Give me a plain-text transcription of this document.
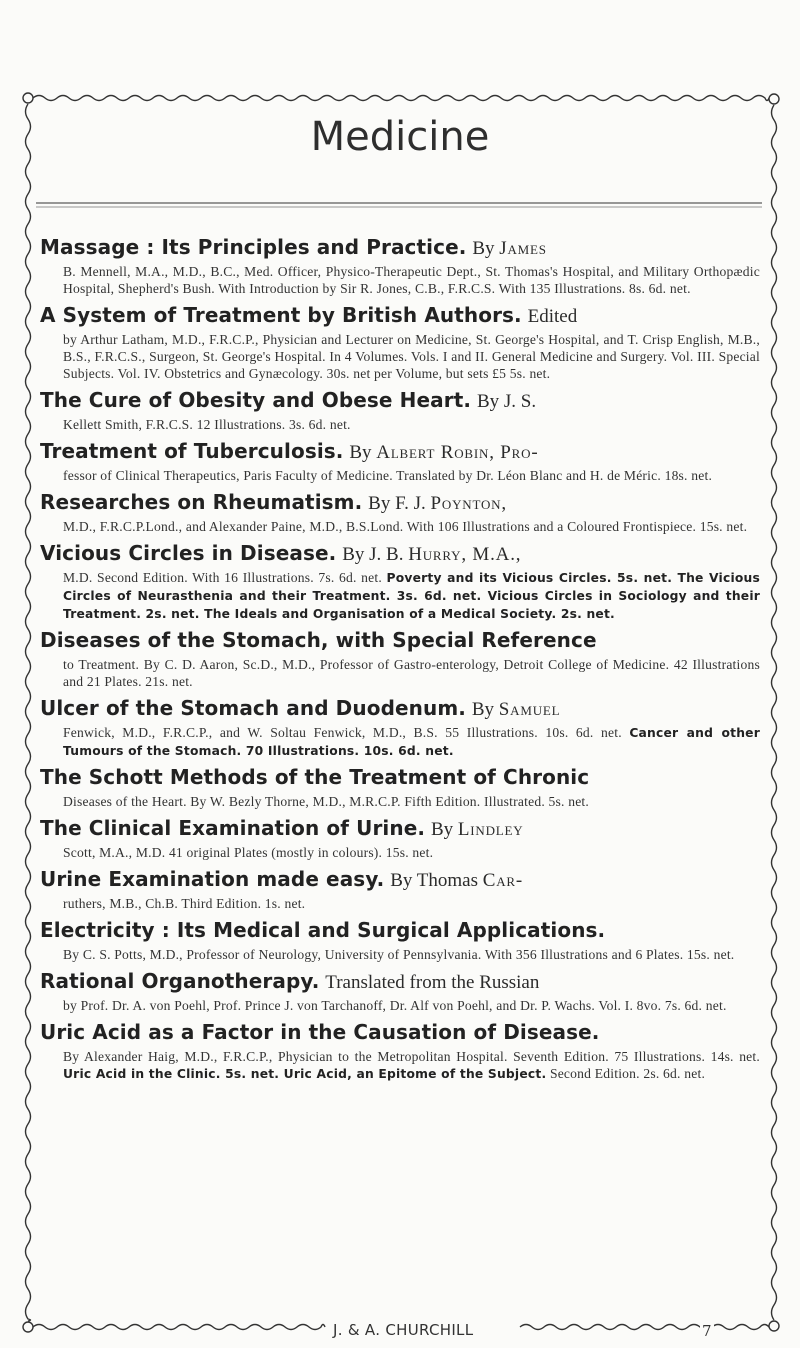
Medicine
Massage : Its Principles and Practice. By James
B. Mennell, M.A., M.D., B.C., Med. Officer, Physico-Therapeutic Dept., St. Thomas's Hospital, and Military Orthopædic Hospital, Shepherd's Bush. With Introduction by Sir R. Jones, C.B., F.R.C.S. With 135 Illustrations. 8s. 6d. net.
A System of Treatment by British Authors. Edited
by Arthur Latham, M.D., F.R.C.P., Physician and Lecturer on Medicine, St. George's Hospital, and T. Crisp English, M.B., B.S., F.R.C.S., Surgeon, St. George's Hospital. In 4 Volumes. Vols. I and II. General Medicine and Surgery. Vol. III. Special Subjects. Vol. IV. Obstetrics and Gynæcology. 30s. net per Volume, but sets £5 5s. net.
The Cure of Obesity and Obese Heart. By J. S.
Kellett Smith, F.R.C.S. 12 Illustrations. 3s. 6d. net.
Treatment of Tuberculosis. By Albert Robin, Pro-
fessor of Clinical Therapeutics, Paris Faculty of Medicine. Translated by Dr. Léon Blanc and H. de Méric. 18s. net.
Researches on Rheumatism. By F. J. Poynton,
M.D., F.R.C.P.Lond., and Alexander Paine, M.D., B.S.Lond. With 106 Illustrations and a Coloured Frontispiece. 15s. net.
Vicious Circles in Disease. By J. B. Hurry, M.A.,
M.D. Second Edition. With 16 Illustrations. 7s. 6d. net. Poverty and its Vicious Circles. 5s. net. The Vicious Circles of Neurasthenia and their Treatment. 3s. 6d. net. Vicious Circles in Sociology and their Treatment. 2s. net. The Ideals and Organisation of a Medical Society. 2s. net.
Diseases of the Stomach, with Special Reference
to Treatment. By C. D. Aaron, Sc.D., M.D., Professor of Gastro-enterology, Detroit College of Medicine. 42 Illustrations and 21 Plates. 21s. net.
Ulcer of the Stomach and Duodenum. By Samuel
Fenwick, M.D., F.R.C.P., and W. Soltau Fenwick, M.D., B.S. 55 Illustrations. 10s. 6d. net. Cancer and other Tumours of the Stomach. 70 Illustrations. 10s. 6d. net.
The Schott Methods of the Treatment of Chronic
Diseases of the Heart. By W. Bezly Thorne, M.D., M.R.C.P. Fifth Edition. Illustrated. 5s. net.
The Clinical Examination of Urine. By Lindley
Scott, M.A., M.D. 41 original Plates (mostly in colours). 15s. net.
Urine Examination made easy. By Thomas Car-
ruthers, M.B., Ch.B. Third Edition. 1s. net.
Electricity : Its Medical and Surgical Applications.
By C. S. Potts, M.D., Professor of Neurology, University of Pennsylvania. With 356 Illustrations and 6 Plates. 15s. net.
Rational Organotherapy. Translated from the Russian
by Prof. Dr. A. von Poehl, Prof. Prince J. von Tarchanoff, Dr. Alf von Poehl, and Dr. P. Wachs. Vol. I. 8vo. 7s. 6d. net.
Uric Acid as a Factor in the Causation of Disease.
By Alexander Haig, M.D., F.R.C.P., Physician to the Metropolitan Hospital. Seventh Edition. 75 Illustrations. 14s. net. Uric Acid in the Clinic. 5s. net. Uric Acid, an Epitome of the Subject. Second Edition. 2s. 6d. net.
J. & A. CHURCHILL	7
